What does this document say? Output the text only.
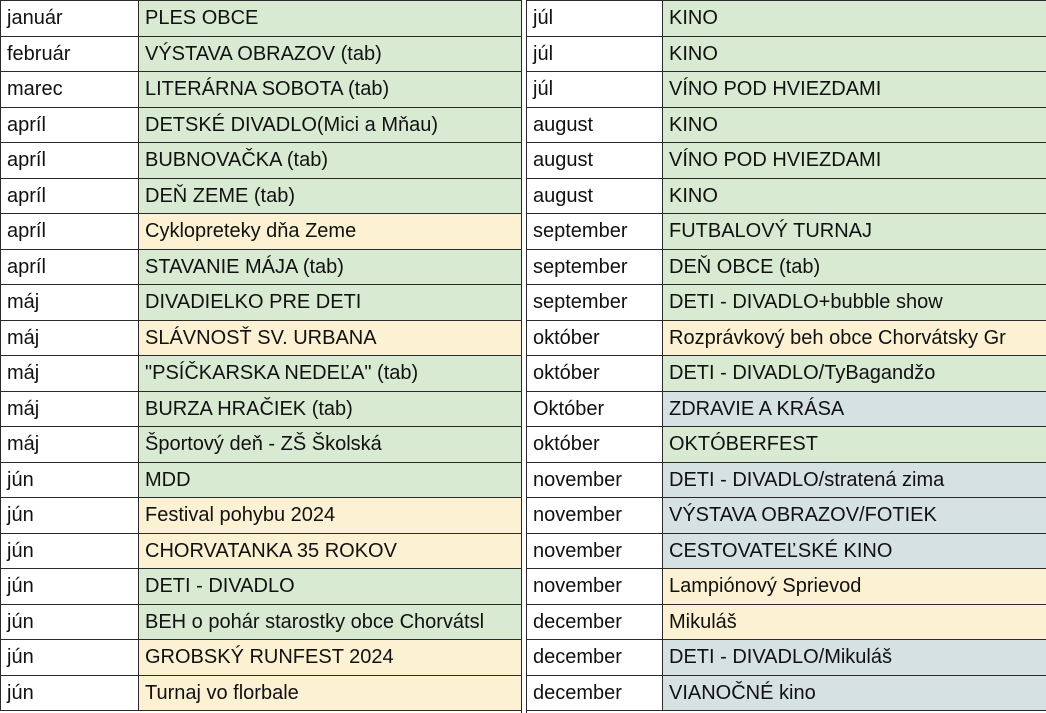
január	PLES OBCE
február	VÝSTAVA OBRAZOV (tab)
marec	LITERÁRNA SOBOTA (tab)
apríl	DETSKÉ DIVADLO(Mici a Mňau)
apríl	BUBNOVAČKA (tab)
apríl	DEŇ ZEME (tab)
apríl	Cyklopreteky dňa Zeme
apríl	STAVANIE MÁJA (tab)
máj	DIVADIELKO PRE DETI
máj	SLÁVNOSŤ SV. URBANA
máj	"PSÍČKARSKA NEDEĽA" (tab)
máj	BURZA HRAČIEK (tab)
máj	Športový deň - ZŠ Školská
jún	MDD
jún	Festival pohybu 2024
jún	CHORVATANKA 35 ROKOV
jún	DETI - DIVADLO
jún	BEH o pohár starostky obce Chorvátsl
jún	GROBSKÝ RUNFEST 2024
jún	Turnaj vo florbale
júl	KINO
júl	KINO
júl	VÍNO POD HVIEZDAMI
august	KINO
august	VÍNO POD HVIEZDAMI
august	KINO
september	FUTBALOVÝ TURNAJ
september	DEŇ OBCE (tab)
september	DETI - DIVADLO+bubble show
október	Rozprávkový beh obce Chorvátsky Gr
október	DETI - DIVADLO/TyBagandžo
Október	ZDRAVIE A KRÁSA
október	OKTÓBERFEST
november	DETI - DIVADLO/stratená zima
november	VÝSTAVA OBRAZOV/FOTIEK
november	CESTOVATEĽSKÉ KINO
november	Lampiónový Sprievod
december	Mikuláš
december	DETI - DIVADLO/Mikuláš
december	VIANOČNÉ kino
